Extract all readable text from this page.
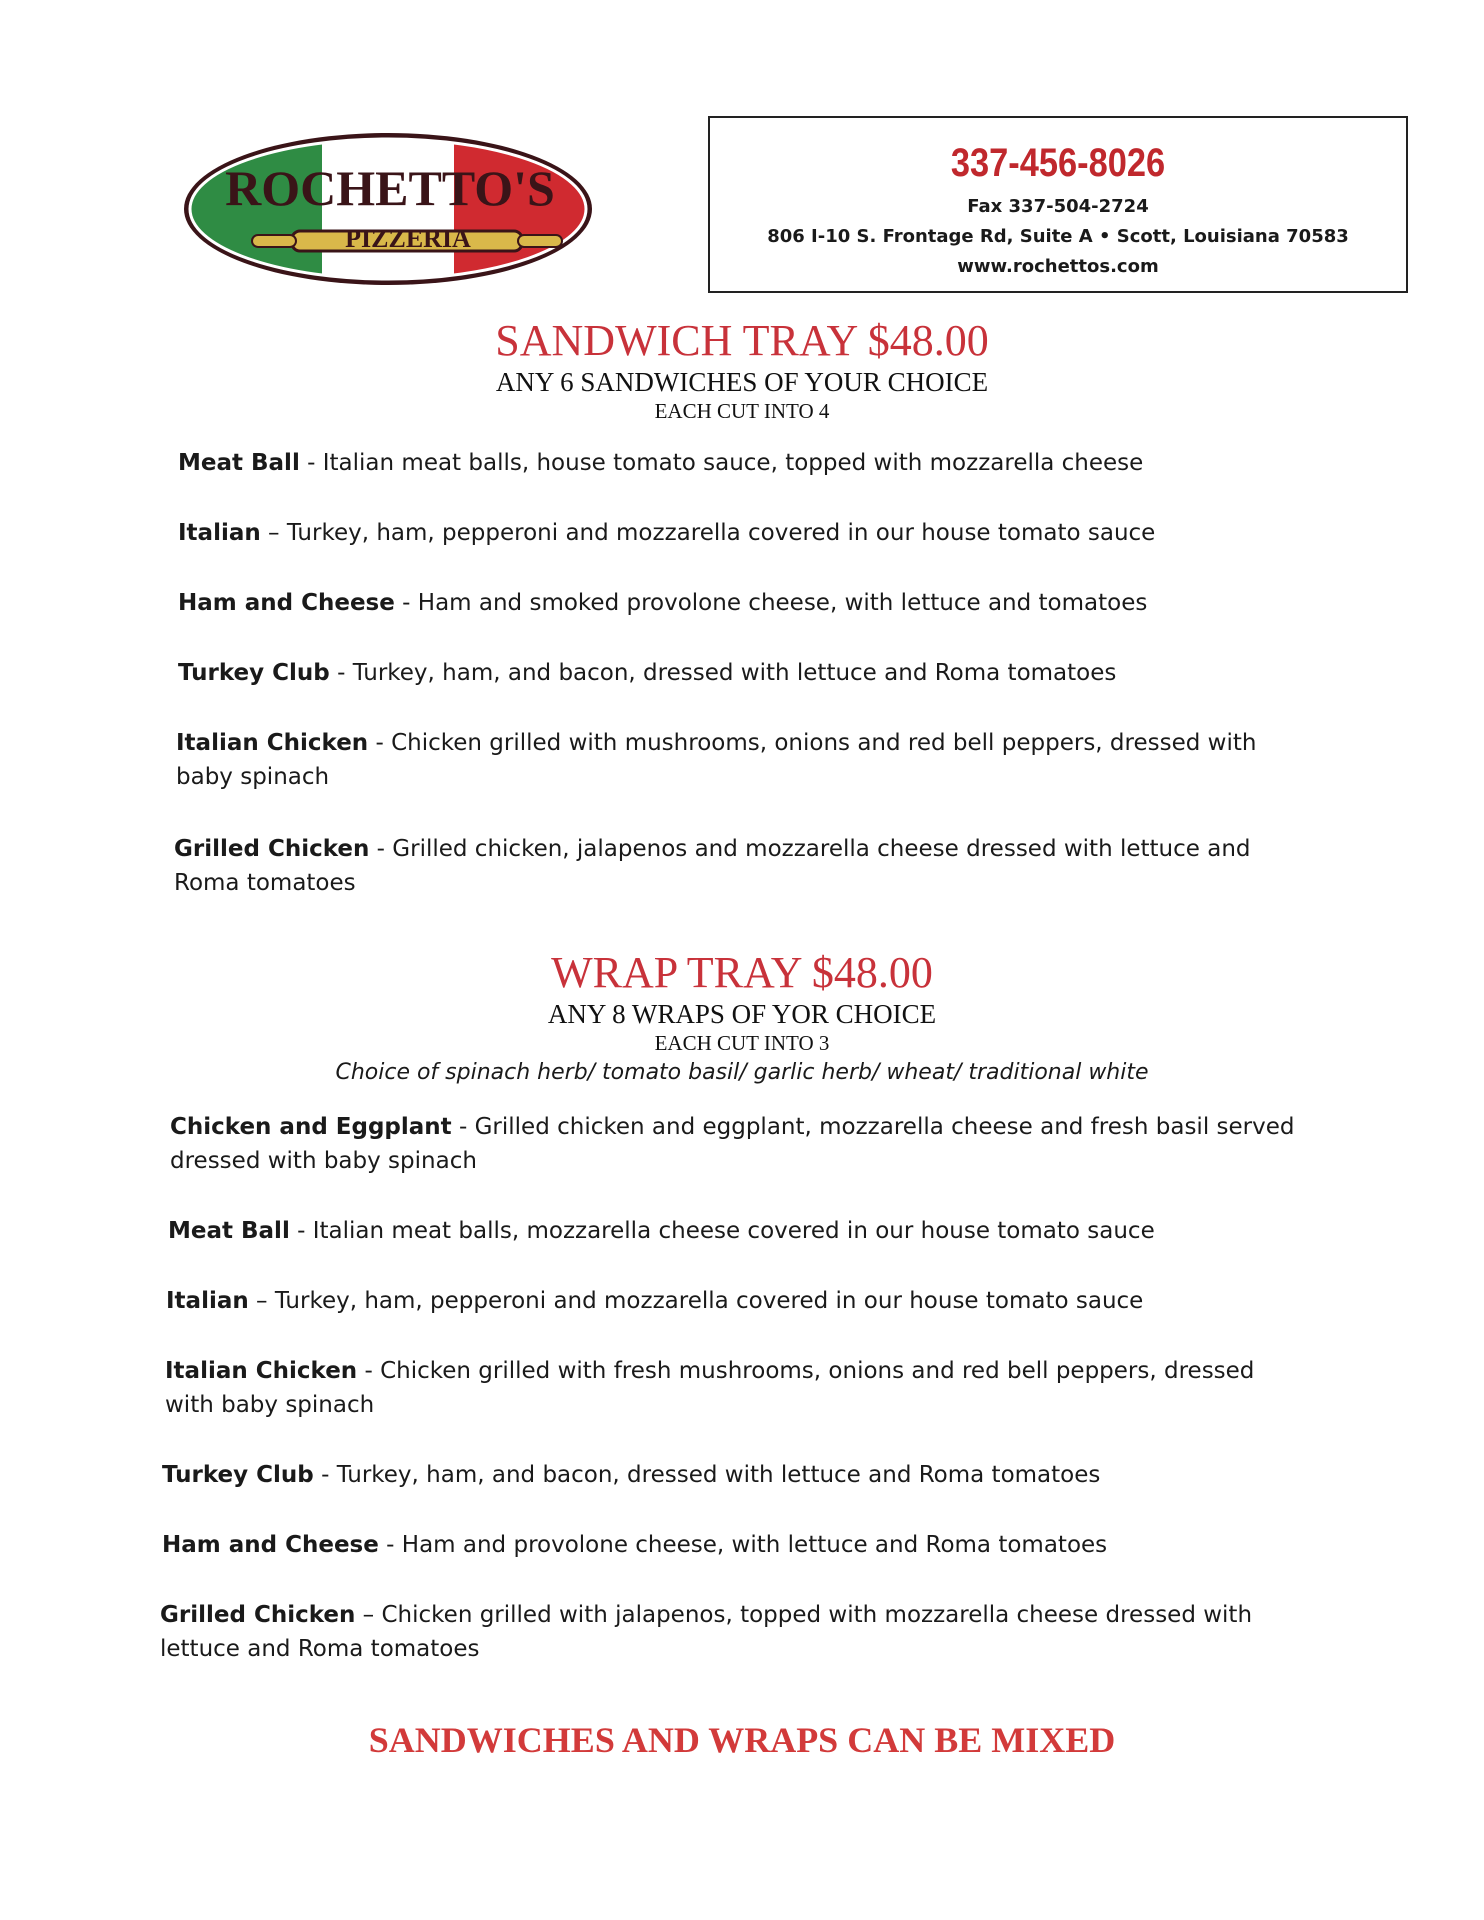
ROCHETTO'S
PIZZERIA
337-456-8026
Fax 337-504-2724
806 I-10 S. Frontage Rd, Suite A • Scott, Louisiana 70583
www.rochettos.com
SANDWICH TRAY $48.00
ANY 6 SANDWICHES OF YOUR CHOICE
EACH CUT INTO 4
Meat Ball - Italian meat balls, house tomato sauce, topped with mozzarella cheese
Italian – Turkey, ham, pepperoni and mozzarella covered in our house tomato sauce
Ham and Cheese - Ham and smoked provolone cheese, with lettuce and tomatoes
Turkey Club - Turkey, ham, and bacon, dressed with lettuce and Roma tomatoes
Italian Chicken - Chicken grilled with mushrooms, onions and red bell peppers, dressed with baby spinach
Grilled Chicken - Grilled chicken, jalapenos and mozzarella cheese dressed with lettuce and Roma tomatoes
WRAP TRAY $48.00
ANY 8 WRAPS OF YOR CHOICE
EACH CUT INTO 3
Choice of spinach herb/ tomato basil/ garlic herb/ wheat/ traditional white
Chicken and Eggplant - Grilled chicken and eggplant, mozzarella cheese and fresh basil served dressed with baby spinach
Meat Ball - Italian meat balls, mozzarella cheese covered in our house tomato sauce
Italian – Turkey, ham, pepperoni and mozzarella covered in our house tomato sauce
Italian Chicken - Chicken grilled with fresh mushrooms, onions and red bell peppers, dressed with baby spinach
Turkey Club - Turkey, ham, and bacon, dressed with lettuce and Roma tomatoes
Ham and Cheese - Ham and provolone cheese, with lettuce and Roma tomatoes
Grilled Chicken – Chicken grilled with jalapenos, topped with mozzarella cheese dressed with lettuce and Roma tomatoes
SANDWICHES AND WRAPS CAN BE MIXED
